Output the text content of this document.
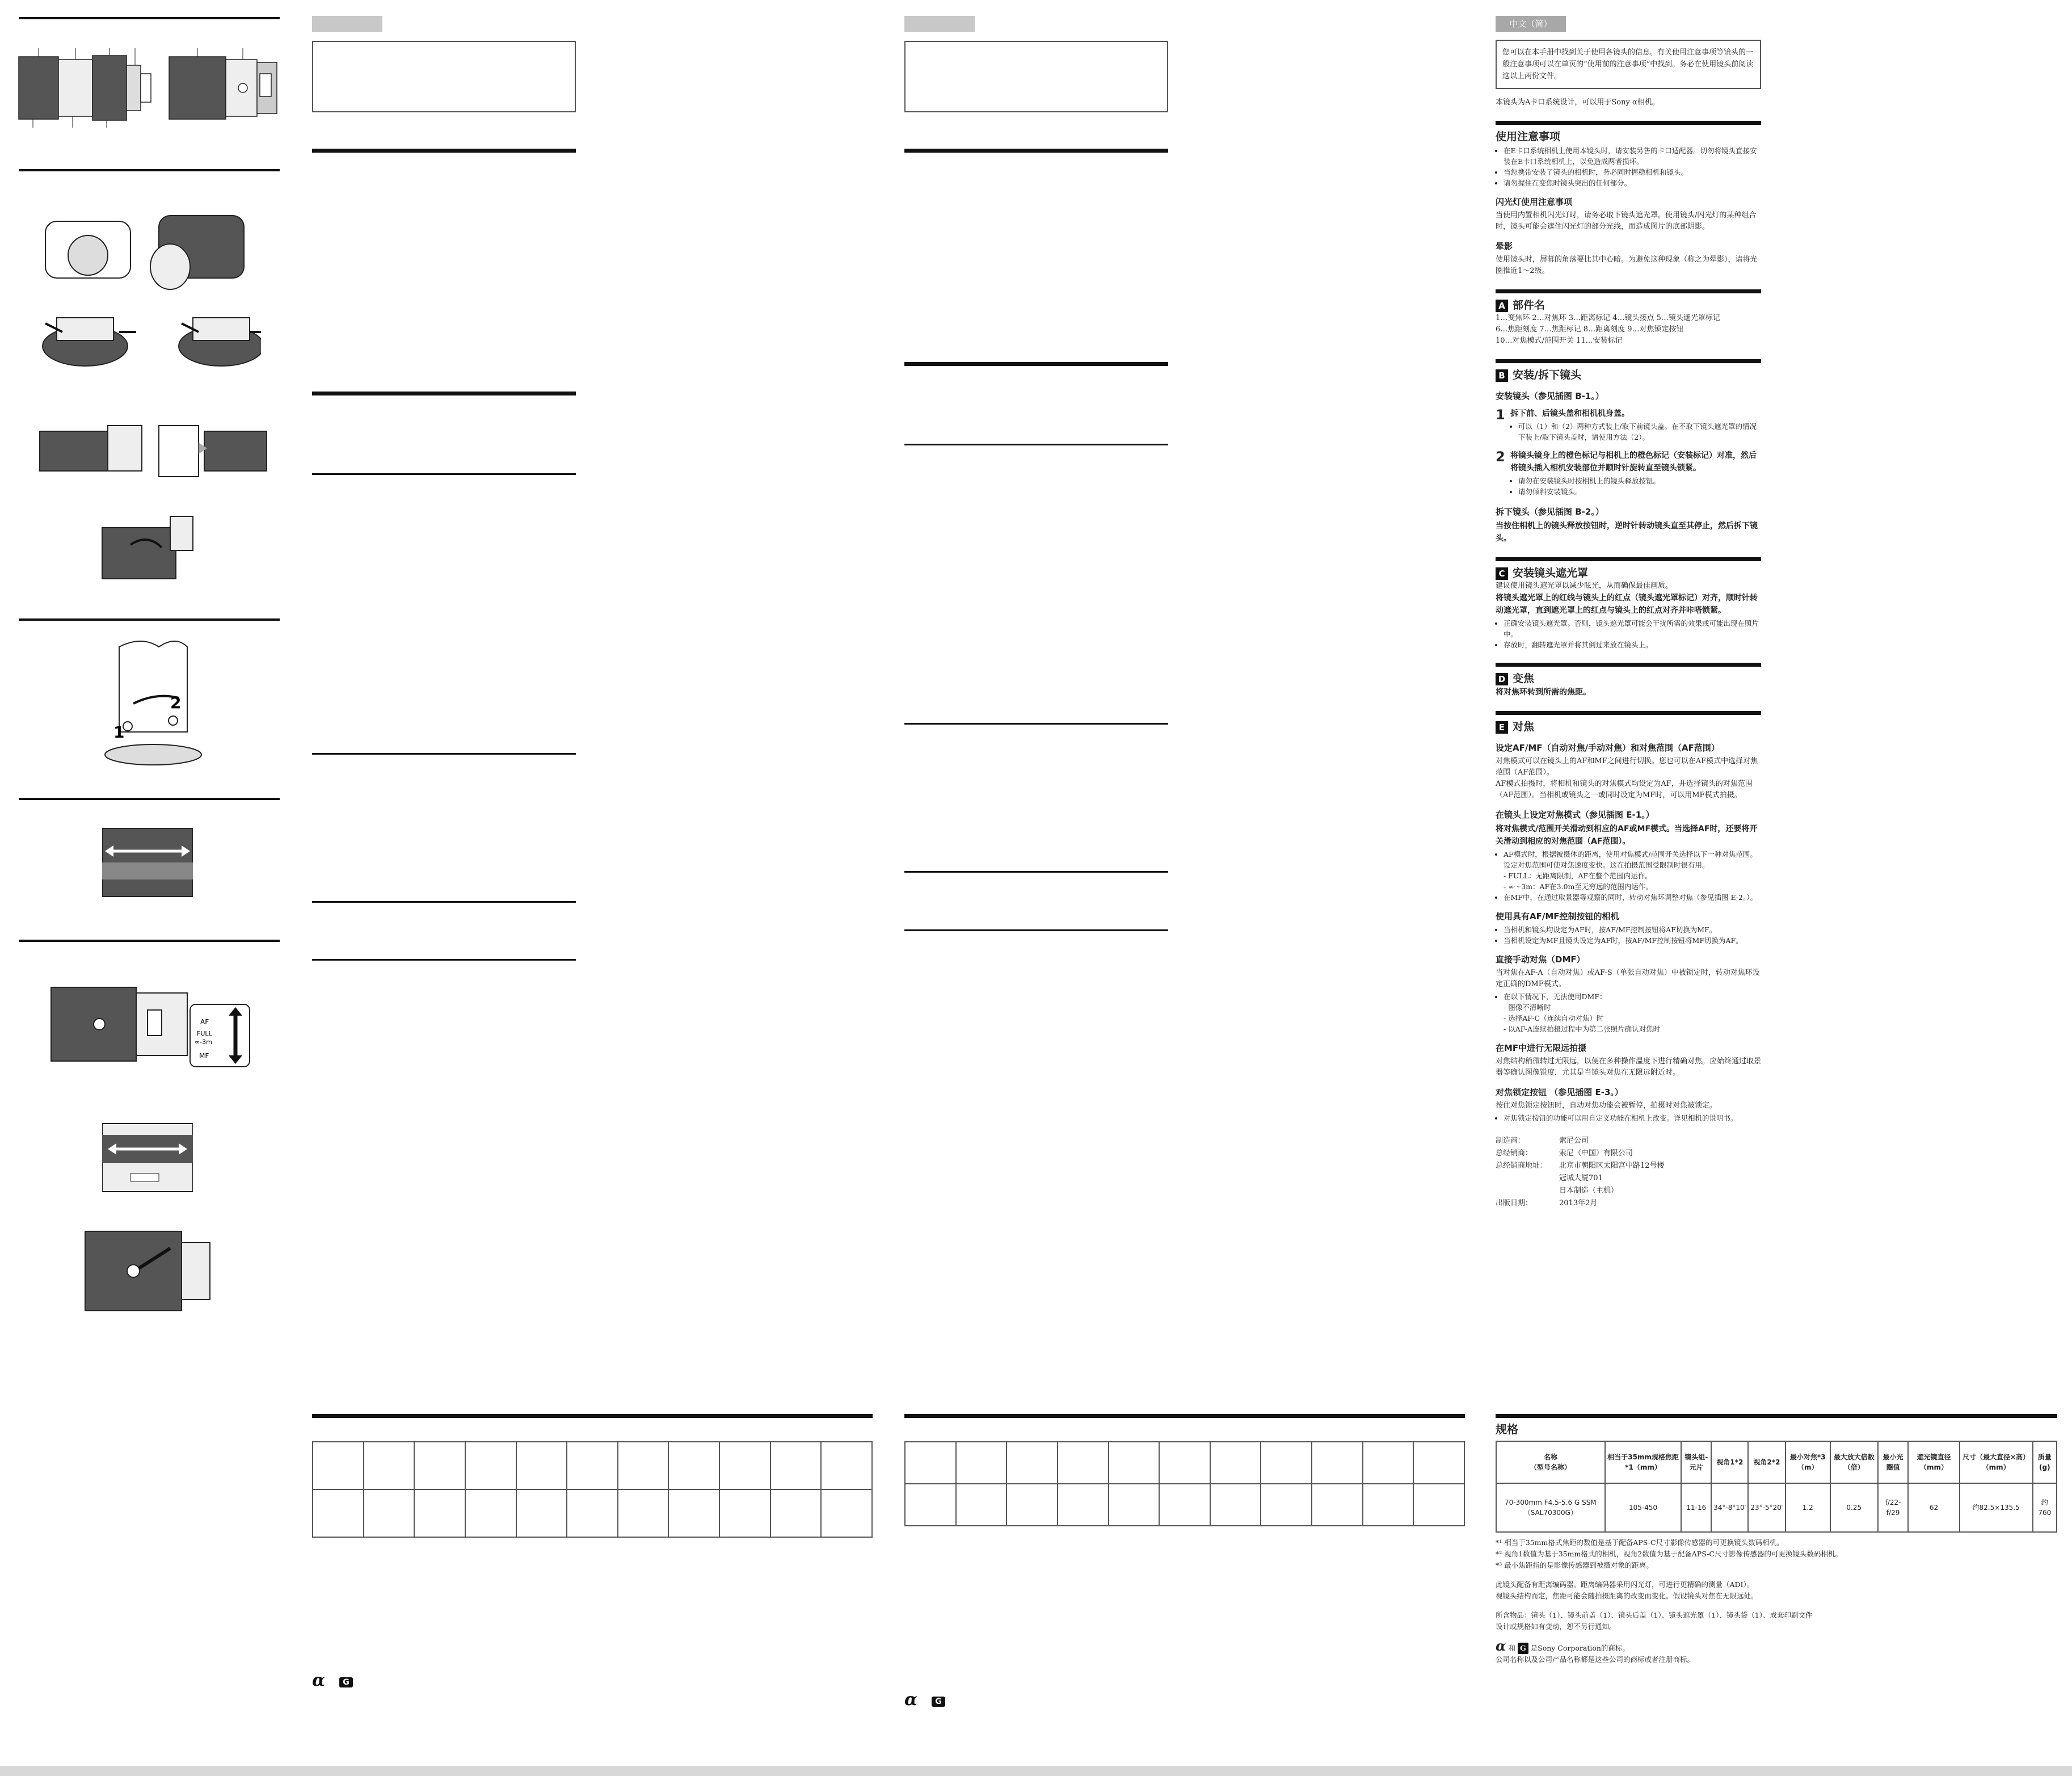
2
1
AF
FULL
∞-3m
MF

α	G

α	G
中文（简）

您可以在本手册中找到关于使用各镜头的信息。有关使用注意事项等镜头的一般注意事项可以在单页的“使用前的注意事项”中找到。务必在使用镜头前阅读这以上两份文件。

本镜头为A卡口系统设计，可以用于Sony α相机。

使用注意事项
• 在E卡口系统相机上使用本镜头时，请安装另售的卡口适配器。切勿将镜头直接安装在E卡口系统相机上，以免造成两者损坏。
• 当您携带安装了镜头的相机时，务必同时握稳相机和镜头。
• 请勿握住在变焦时镜头突出的任何部分。
闪光灯使用注意事项

当使用内置相机闪光灯时，请务必取下镜头遮光罩。使用镜头/闪光灯的某种组合时，镜头可能会遮住闪光灯的部分光线，而造成图片的底部阴影。

晕影

使用镜头时，屏幕的角落要比其中心暗。为避免这种现象（称之为晕影），请将光圈推近1～2级。

A 部件名

1…变焦环 2…对焦环 3…距离标记 4…镜头接点 5…镜头遮光罩标记

6…焦距刻度 7…焦距标记 8…距离刻度 9…对焦锁定按钮

10…对焦模式/范围开关 11…安装标记

B 安装/拆下镜头
安装镜头（参见插图 B-1。）
1 拆下前、后镜头盖和相机机身盖。
• 可以（1）和（2）两种方式装上/取下前镜头盖。在不取下镜头遮光罩的情况下装上/取下镜头盖时，请使用方法（2）。
2 将镜头镜身上的橙色标记与相机上的橙色标记（安装标记）对准，然后将镜头插入相机安装部位并顺时针旋转直至镜头锁紧。
• 请勿在安装镜头时按相机上的镜头释放按钮。
• 请勿倾斜安装镜头。
拆下镜头（参见插图 B-2。）
当按住相机上的镜头释放按钮时，逆时针转动镜头直至其停止，然后拆下镜头。
C 安装镜头遮光罩

建议使用镜头遮光罩以减少眩光，从而确保最佳画质。

将镜头遮光罩上的红线与镜头上的红点（镜头遮光罩标记）对齐，顺时针转动遮光罩，直到遮光罩上的红点与镜头上的红点对齐并咔嗒锁紧。
• 正确安装镜头遮光罩。否则，镜头遮光罩可能会干扰所需的效果或可能出现在照片中。
• 存放时，翻转遮光罩并将其倒过来放在镜头上。
D 变焦
将对焦环转到所需的焦距。
E 对焦
设定AF/MF（自动对焦/手动对焦）和对焦范围（AF范围）

对焦模式可以在镜头上的AF和MF之间进行切换。您也可以在AF模式中选择对焦范围（AF范围）。

AF模式拍摄时，将相机和镜头的对焦模式均设定为AF，并选择镜头的对焦范围（AF范围）。当相机或镜头之一或同时设定为MF时，可以用MF模式拍摄。

在镜头上设定对焦模式（参见插图 E-1。）
将对焦模式/范围开关滑动到相应的AF或MF模式。当选择AF时，还要将开关滑动到相应的对焦范围（AF范围）。
• AF模式时，根据被摄体的距离，使用对焦模式/范围开关选择以下一种对焦范围。设定对焦范围可使对焦速度变快。这在拍摄范围受限制时很有用。
- FULL：无距离限制，AF在整个范围内运作。
- ∞～3m：AF在3.0m至无穷远的范围内运作。
• 在MF中，在通过取景器等观察的同时，转动对焦环调整对焦（参见插图 E-2。）。
使用具有AF/MF控制按钮的相机
• 当相机和镜头均设定为AF时，按AF/MF控制按钮将AF切换为MF。
• 当相机设定为MF且镜头设定为AF时，按AF/MF控制按钮将MF切换为AF。
直接手动对焦（DMF）

当对焦在AF-A（自动对焦）或AF-S（单张自动对焦）中被锁定时，转动对焦环设定正确的DMF模式。

• 在以下情况下，无法使用DMF：
- 图像不清晰时
- 选择AF-C（连续自动对焦）时
- 以AF-A连续拍摄过程中为第二张照片确认对焦时
在MF中进行无限远拍摄

对焦结构稍微转过无限远，以便在多种操作温度下进行精确对焦。应始终通过取景器等确认图像锐度，尤其是当镜头对焦在无限远附近时。

对焦锁定按钮 （参见插图 E-3。）

按住对焦锁定按钮时，自动对焦功能会被暂停，拍摄时对焦被锁定。

• 对焦锁定按钮的功能可以用自定义功能在相机上改变。详见相机的说明书。
制造商：	索尼公司
总经销商：	索尼（中国）有限公司
总经销商地址：	北京市朝阳区太阳宫中路12号楼
冠城大厦701
日本制造（主机）
出版日期：	2013年2月
规格
名称
（型号名称）	相当于35mm规格焦距*1（mm）	镜头组-元片	视角1*2	视角2*2	最小对焦*3（m）	最大放大倍数（倍）	最小光圈值	遮光镜直径（mm）	尺寸（最大直径×高）（mm）	质量(g)
70-300mm F4.5-5.6 G SSM（SAL70300G）	105-450	11-16	34°-8°10′	23°-5°20′	1.2	0.25	f/22-f/29	62	约82.5×135.5	约760

*¹ 相当于35mm格式焦距的数值是基于配备APS-C尺寸影像传感器的可更换镜头数码相机。

*² 视角1数值为基于35mm格式的相机，视角2数值为基于配备APS-C尺寸影像传感器的可更换镜头数码相机。

*³ 最小焦距指的是影像传感器到被摄对象的距离。

此镜头配备有距离编码器。距离编码器采用闪光灯，可进行更精确的测量（ADI）。

视镜头结构而定，焦距可能会随拍摄距离的改变而变化。假设镜头对焦在无限远处。

所含物品：镜头（1）、镜头前盖（1）、镜头后盖（1）、镜头遮光罩（1）、镜头袋（1）、成套印刷文件

设计或规格如有变动，恕不另行通知。

α 和 G 是Sony Corporation的商标。

公司名称以及公司产品名称都是这些公司的商标或者注册商标。
